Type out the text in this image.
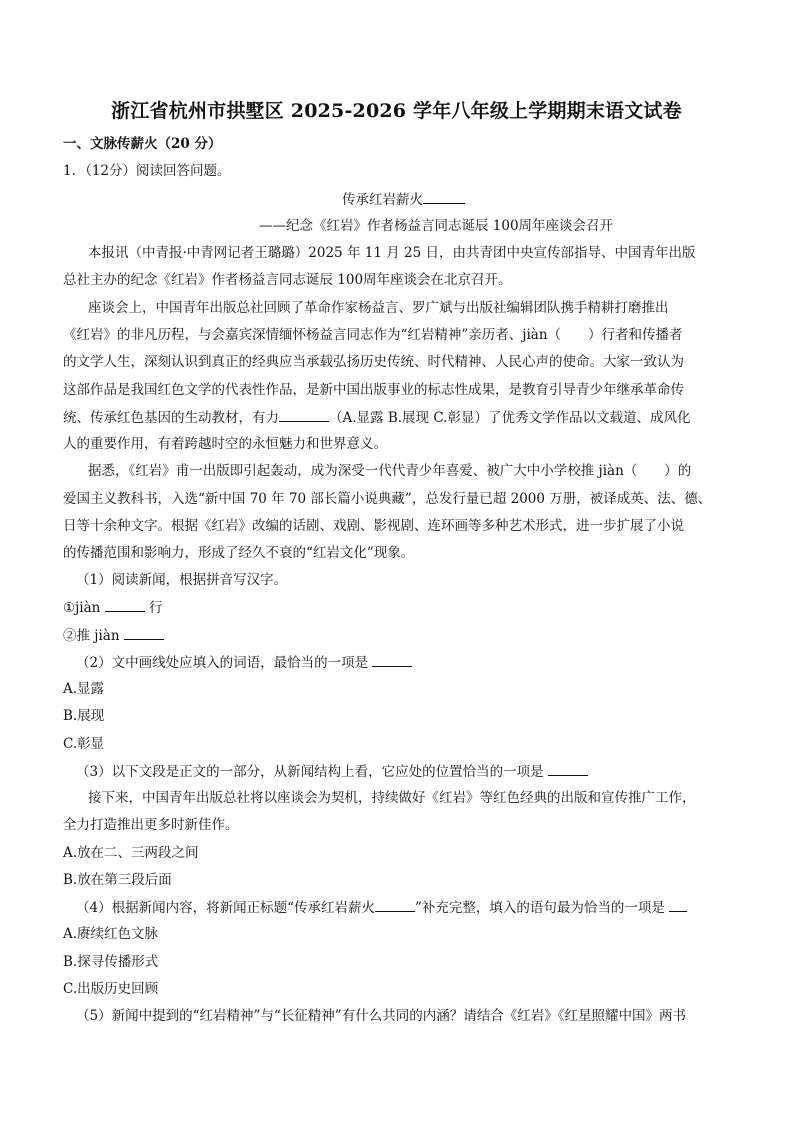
浙江省杭州市拱墅区 2025-2026 学年八年级上学期期末语文试卷
一、文脉传薪火（20 分）
1．（12分）阅读回答问题。
传承红岩薪火
——纪念《红岩》作者杨益言同志诞辰 100周年座谈会召开
本报讯（中青报·中青网记者王璐璐）2025 年 11 月 25 日，由共青团中央宣传部指导、中国青年出版
总社主办的纪念《红岩》作者杨益言同志诞辰 100周年座谈会在北京召开。
座谈会上，中国青年出版总社回顾了革命作家杨益言、罗广斌与出版社编辑团队携手精耕打磨推出
《红岩》的非凡历程，与会嘉宾深情缅怀杨益言同志作为“红岩精神”亲历者、jiàn（　　）行者和传播者
的文学人生，深刻认识到真正的经典应当承载弘扬历史传统、时代精神、人民心声的使命。大家一致认为
这部作品是我国红色文学的代表性作品，是新中国出版事业的标志性成果，是教育引导青少年继承革命传
统、传承红色基因的生动教材，有力	（A.显露 B.展现 C.彰显）了优秀文学作品以文载道、成风化
人的重要作用，有着跨越时空的永恒魅力和世界意义。
据悉，《红岩》甫一出版即引起轰动，成为深受一代代青少年喜爱、被广大中小学校推 jiàn（　　）的
爱国主义教科书，入选“新中国 70 年 70 部长篇小说典藏”，总发行量已超 2000 万册，被译成英、法、德、
日等十余种文字。根据《红岩》改编的话剧、戏剧、影视剧、连环画等多种艺术形式，进一步扩展了小说
的传播范围和影响力，形成了经久不衰的“红岩文化”现象。
（1）阅读新闻，根据拼音写汉字。
①jiàn	行
②推 jiàn
（2）文中画线处应填入的词语，最恰当的一项是
A.显露
B.展现
C.彰显
（3）以下文段是正文的一部分，从新闻结构上看，它应处的位置恰当的一项是
接下来，中国青年出版总社将以座谈会为契机，持续做好《红岩》等红色经典的出版和宣传推广工作，
全力打造推出更多时新佳作。
A.放在二、三两段之间
B.放在第三段后面
（4）根据新闻内容，将新闻正标题“传承红岩薪火	”补充完整，填入的语句最为恰当的一项是
A.赓续红色文脉
B.探寻传播形式
C.出版历史回顾
（5）新闻中提到的“红岩精神”与“长征精神”有什么共同的内涵？请结合《红岩》《红星照耀中国》两书
